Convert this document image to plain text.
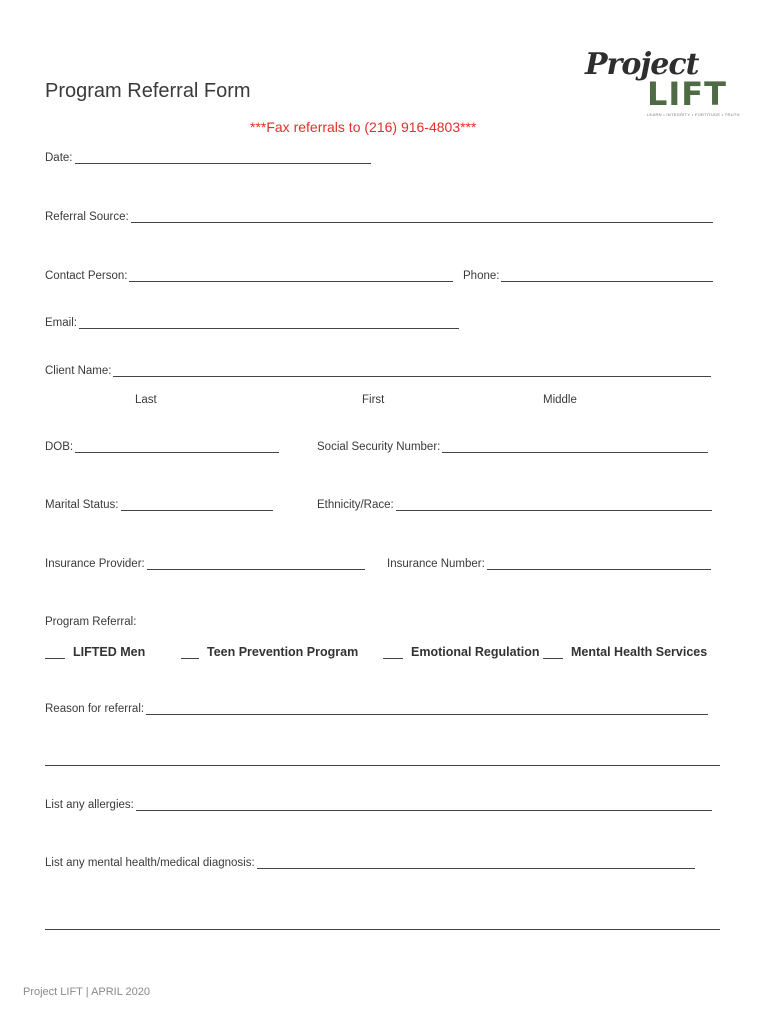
Project
LIFT
LEARN • INTEGRITY • FORTITUDE • TRUTH
Program Referral Form
***Fax referrals to (216) 916-4803***
Date:
Referral Source:
Contact Person:	Phone:
Email:
Client Name:
Last	First	Middle
DOB:	Social Security Number:
Marital Status:	Ethnicity/Race:
Insurance Provider:	Insurance Number:
Program Referral:
LIFTED Men	Teen Prevention Program	Emotional Regulation	Mental Health Services
Reason for referral:
List any allergies:
List any mental health/medical diagnosis:
Project LIFT | APRIL 2020
